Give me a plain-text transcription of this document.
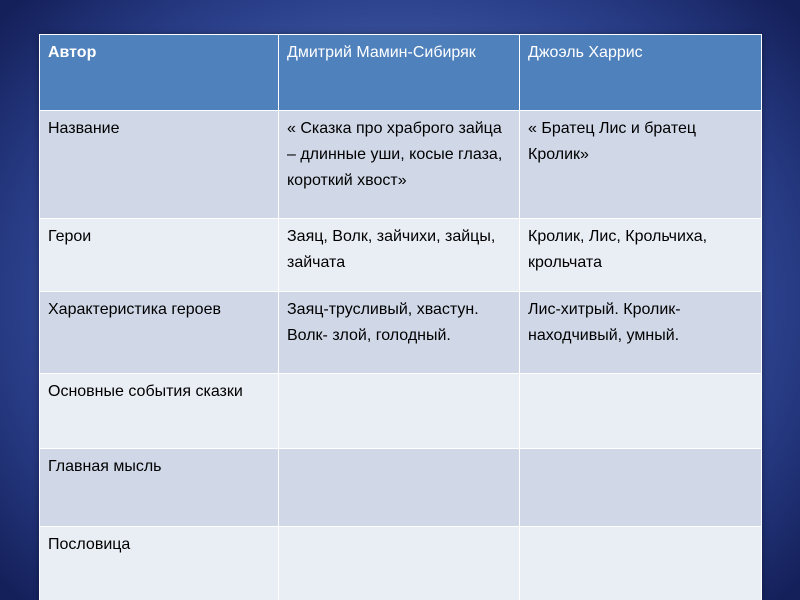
Автор	Дмитрий Мамин-Сибиряк	Джоэль Харрис
Название	« Сказка про храброго зайца – длинные уши, косые глаза, короткий хвост»	« Братец Лис и братец Кролик»
Герои	Заяц, Волк, зайчихи, зайцы, зайчата	Кролик, Лис, Крольчиха, крольчата
Характеристика героев	Заяц-трусливый, хвастун. Волк- злой, голодный.	Лис-хитрый. Кролик-находчивый, умный.
Основные события сказки		
Главная мысль		
Пословица		
